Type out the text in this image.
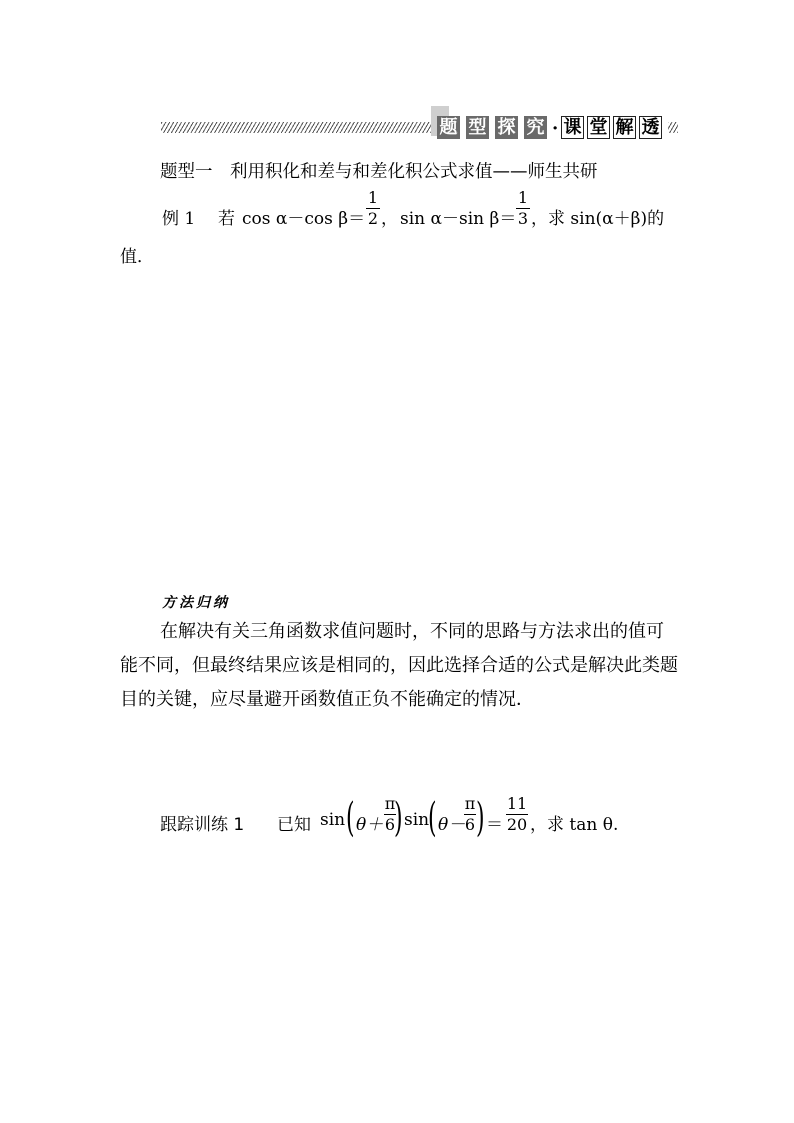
题 型 探 究 · 课 堂 解 透
题型一　利用积化和差与和差化积公式求值——师生共研
例 1 若 cos α－cos β＝
1
2 ， sin α－sin β＝
1
3 ，求 sin(α＋β)的
值．
方法归纳
在解决有关三角函数求值问题时，不同的思路与方法求出的值可能不同，但最终结果应该是相同的，因此选择合适的公式是解决此类题目的关键，应尽量避开函数值正负不能确定的情况．
跟踪训练 1 已知 sin ( θ＋
π
6
) sin
( θ－
π
6 ) ＝
11
20 ，求 tan θ.
